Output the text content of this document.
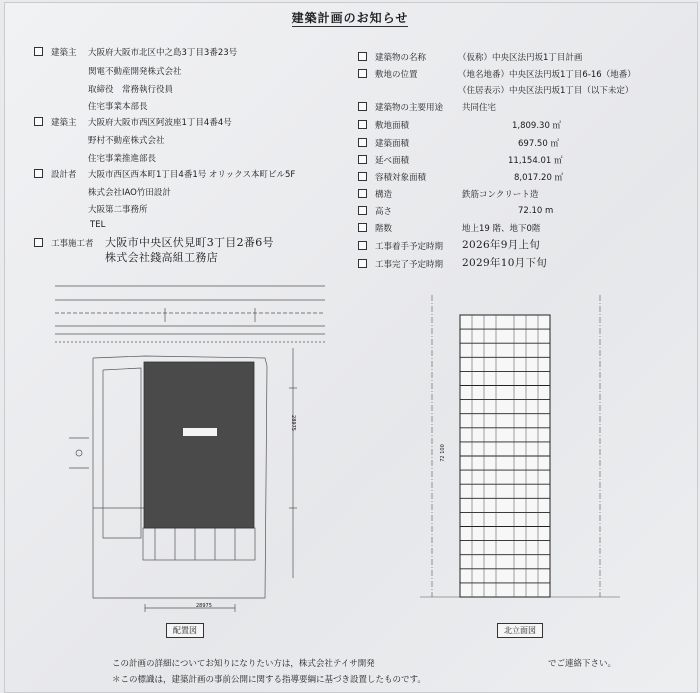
建築計画のお知らせ
建築主 大阪府大阪市北区中之島3丁目3番23号
関電不動産開発株式会社
取締役　常務執行役員
住宅事業本部長
建築主 大阪府大阪市西区阿波座1丁目4番4号
野村不動産株式会社
住宅事業推進部長
設計者 大阪市西区西本町1丁目4番1号 オリックス本町ビル5F
株式会社IAO竹田設計
大阪第二事務所
TEL
工事施工者 大阪市中央区伏見町3丁目2番6号
株式会社錢高組工務店
建築物の名称	（仮称）中央区法円坂1丁目計画
敷地の位置	（地名地番）中央区法円坂1丁目6-16（地番）
（住居表示）中央区法円坂1丁目（以下未定）
建築物の主要用途 共同住宅
敷地面積	1,809.30 ㎡
建築面積	697.50 ㎡
延べ面積	11,154.01 ㎡
容積対象面積	8,017.20 ㎡
構造	鉄筋コンクリート造
高さ	72.10 m
階数	地上19 階、地下0階
工事着手予定時期 2026年9月上旬
工事完了予定時期 2029年10月下旬
28975
28975
配置図
72 100
北立面図
この計画の詳細についてお知りになりたい方は，株式会社テイサ開発	でご連絡下さい。
＊この標識は，建築計画の事前公開に関する指導要綱に基づき設置したものです。
